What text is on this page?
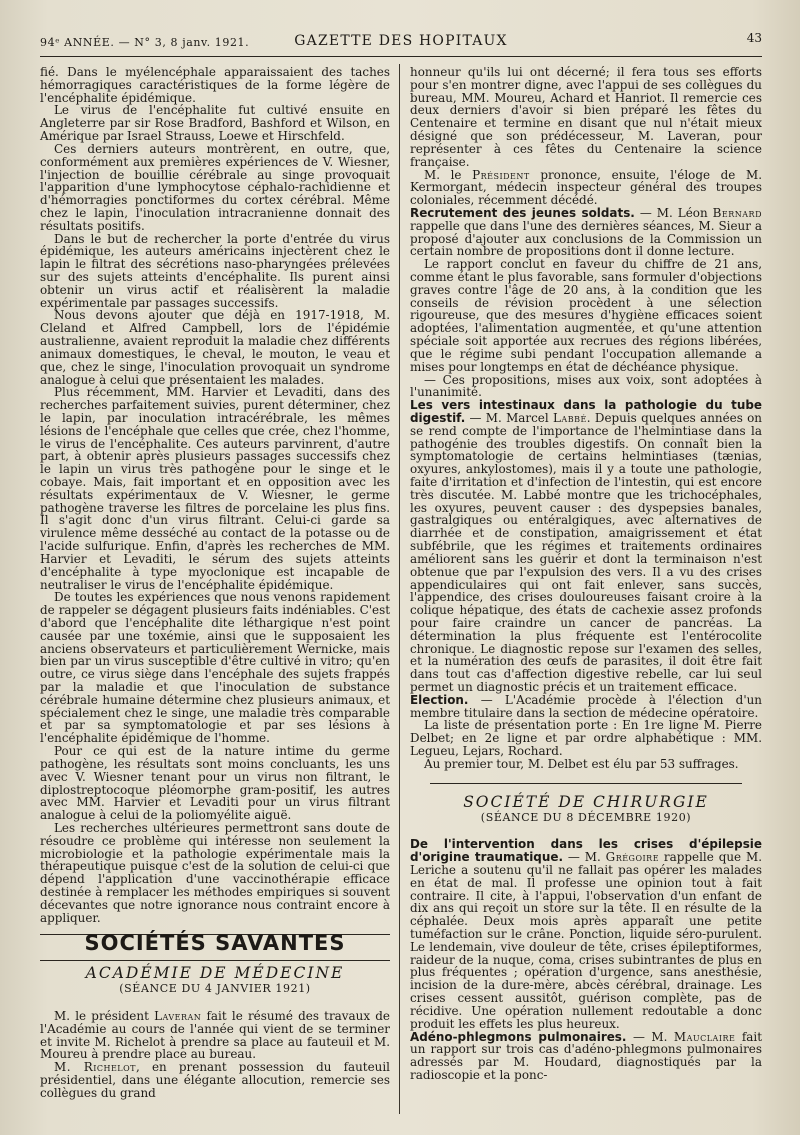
94ᵉ ANNÉE. — N° 3, 8 janv. 1921.	GAZETTE DES HOPITAUX	43

fié. Dans le myélencéphale apparaissaient des taches hémorragiques caractéristiques de la forme légère de l'encéphalite épidémique.

Le virus de l'encéphalite fut cultivé ensuite en Angleterre par sir Rose Bradford, Bashford et Wilson, en Amérique par Israel Strauss, Loewe et Hirschfeld.

Ces derniers auteurs montrèrent, en outre, que, conformément aux premières expériences de V. Wiesner, l'injection de bouillie cérébrale au singe provoquait l'apparition d'une lymphocytose céphalo-rachidienne et d'hémorragies ponctiformes du cortex cérébral. Même chez le lapin, l'inoculation intracranienne donnait des résultats positifs.

Dans le but de rechercher la porte d'entrée du virus épidémique, les auteurs américains injectèrent chez le lapin le filtrat des sécrétions naso-pharyngées prélevées sur des sujets atteints d'encéphalite. Ils purent ainsi obtenir un virus actif et réalisèrent la maladie expérimentale par passages successifs.

Nous devons ajouter que déjà en 1917-1918, M. Cleland et Alfred Campbell, lors de l'épidémie australienne, avaient reproduit la maladie chez différents animaux domestiques, le cheval, le mouton, le veau et que, chez le singe, l'inoculation provoquait un syndrome analogue à celui que présentaient les malades.

Plus récemment, MM. Harvier et Levaditi, dans des recherches parfaitement suivies, purent déterminer, chez le lapin, par inoculation intracérébrale, les mêmes lésions de l'encéphale que celles que crée, chez l'homme, le virus de l'encéphalite. Ces auteurs parvinrent, d'autre part, à obtenir après plusieurs passages successifs chez le lapin un virus très pathogène pour le singe et le cobaye. Mais, fait important et en opposition avec les résultats expérimentaux de V. Wiesner, le germe pathogène traverse les filtres de porcelaine les plus fins. Il s'agit donc d'un virus filtrant. Celui-ci garde sa virulence même desséché au contact de la potasse ou de l'acide sulfurique. Enfin, d'après les recherches de MM. Harvier et Levaditi, le sérum des sujets atteints d'encéphalite à type myoclonique est incapable de neutraliser le virus de l'encéphalite épidémique.

De toutes les expériences que nous venons rapidement de rappeler se dégagent plusieurs faits indéniables. C'est d'abord que l'encéphalite dite léthargique n'est point causée par une toxémie, ainsi que le supposaient les anciens observateurs et particulièrement Wernicke, mais bien par un virus susceptible d'être cultivé in vitro; qu'en outre, ce virus siège dans l'encéphale des sujets frappés par la maladie et que l'inoculation de substance cérébrale humaine détermine chez plusieurs animaux, et spécialement chez le singe, une maladie très comparable et par sa symptomatologie et par ses lésions à l'encéphalite épidémique de l'homme.

Pour ce qui est de la nature intime du germe pathogène, les résultats sont moins concluants, les uns avec V. Wiesner tenant pour un virus non filtrant, le diplostreptocoque pléomorphe gram-positif, les autres avec MM. Harvier et Levaditi pour un virus filtrant analogue à celui de la poliomyélite aiguë.

Les recherches ultérieures permettront sans doute de résoudre ce problème qui intéresse non seulement la microbiologie et la pathologie expérimentale mais la thérapeutique puisque c'est de la solution de celui-ci que dépend l'application d'une vaccinothérapie efficace destinée à remplacer les méthodes empiriques si souvent décevantes que notre ignorance nous contraint encore à appliquer.

SOCIÉTÉS SAVANTES
ACADÉMIE DE MÉDECINE
(SÉANCE DU 4 JANVIER 1921)

M. le président Laveran fait le résumé des travaux de l'Académie au cours de l'année qui vient de se terminer et invite M. Richelot à prendre sa place au fauteuil et M. Moureu à prendre place au bureau.

M. Richelot, en prenant possession du fauteuil présidentiel, dans une élégante allocution, remercie ses collègues du grand

honneur qu'ils lui ont décerné; il fera tous ses efforts pour s'en montrer digne, avec l'appui de ses collègues du bureau, MM. Moureu, Achard et Hanriot. Il remercie ces deux derniers d'avoir si bien préparé les fêtes du Centenaire et termine en disant que nul n'était mieux désigné que son prédécesseur, M. Laveran, pour représenter à ces fêtes du Centenaire la science française.

M. le Président prononce, ensuite, l'éloge de M. Kermorgant, médecin inspecteur général des troupes coloniales, récemment décédé.

Recrutement des jeunes soldats. — M. Léon Bernard rappelle que dans l'une des dernières séances, M. Sieur a proposé d'ajouter aux conclusions de la Commission un certain nombre de propositions dont il donne lecture.

Le rapport conclut en faveur du chiffre de 21 ans, comme étant le plus favorable, sans formuler d'objections graves contre l'âge de 20 ans, à la condition que les conseils de révision procèdent à une sélection rigoureuse, que des mesures d'hygiène efficaces soient adoptées, l'alimentation augmentée, et qu'une attention spéciale soit apportée aux recrues des régions libérées, que le régime subi pendant l'occupation allemande a mises pour longtemps en état de déchéance physique.

— Ces propositions, mises aux voix, sont adoptées à l'unanimité.

Les vers intestinaux dans la pathologie du tube digestif. — M. Marcel Labbé. Depuis quelques années on se rend compte de l'importance de l'helmintiase dans la pathogénie des troubles digestifs. On connaît bien la symptomatologie de certains helmintiases (tænias, oxyures, ankylostomes), mais il y a toute une pathologie, faite d'irritation et d'infection de l'intestin, qui est encore très discutée. M. Labbé montre que les trichocéphales, les oxyures, peuvent causer : des dyspepsies banales, gastralgiques ou entéralgiques, avec alternatives de diarrhée et de constipation, amaigrissement et état subfébrile, que les régimes et traitements ordinaires améliorent sans les guérir et dont la terminaison n'est obtenue que par l'expulsion des vers. Il a vu des crises appendiculaires qui ont fait enlever, sans succès, l'appendice, des crises douloureuses faisant croire à la colique hépatique, des états de cachexie assez profonds pour faire craindre un cancer de pancréas. La détermination la plus fréquente est l'entérocolite chronique. Le diagnostic repose sur l'examen des selles, et la numération des œufs de parasites, il doit être fait dans tout cas d'affection digestive rebelle, car lui seul permet un diagnostic précis et un traitement efficace.

Election. — L'Académie procède à l'élection d'un membre titulaire dans la section de médecine opératoire.

La liste de présentation porte : En 1re ligne M. Pierre Delbet; en 2e ligne et par ordre alphabétique : MM. Legueu, Lejars, Rochard.

Au premier tour, M. Delbet est élu par 53 suffrages.

SOCIÉTÉ DE CHIRURGIE
(SÉANCE DU 8 DÉCEMBRE 1920)

De l'intervention dans les crises d'épilepsie d'origine traumatique. — M. Grégoire rappelle que M. Leriche a soutenu qu'il ne fallait pas opérer les malades en état de mal. Il professe une opinion tout à fait contraire. Il cite, à l'appui, l'observation d'un enfant de dix ans qui reçoit un store sur la tête. Il en résulte de la céphalée. Deux mois après apparaît une petite tuméfaction sur le crâne. Ponction, liquide séro-purulent. Le lendemain, vive douleur de tête, crises épileptiformes, raideur de la nuque, coma, crises subintrantes de plus en plus fréquentes ; opération d'urgence, sans anesthésie, incision de la dure-mère, abcès cérébral, drainage. Les crises cessent aussitôt, guérison complète, pas de récidive. Une opération nullement redoutable a donc produit les effets les plus heureux.

Adéno-phlegmons pulmonaires. — M. Mauclaire fait un rapport sur trois cas d'adéno-phlegmons pulmonaires adressés par M. Houdard, diagnostiqués par la radioscopie et la ponc-
